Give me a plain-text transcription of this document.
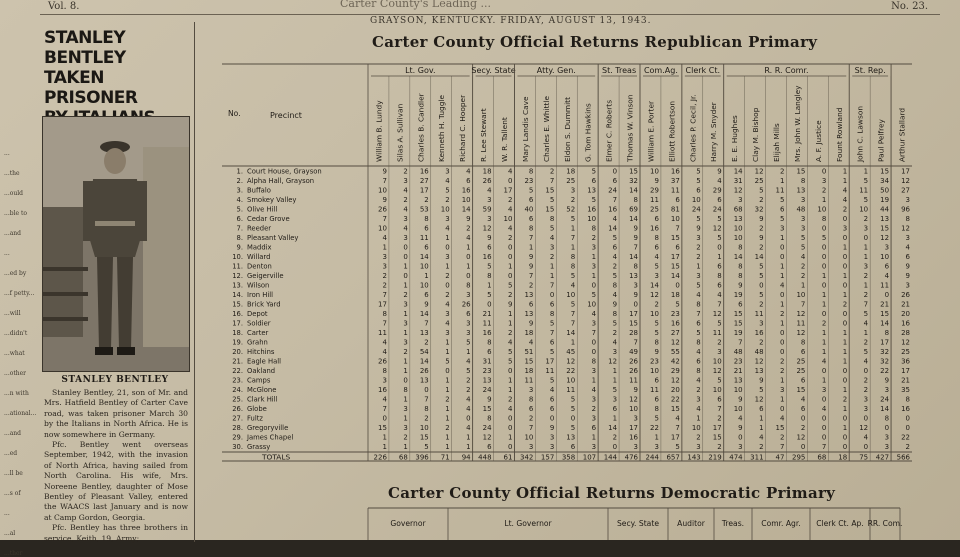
Vol. 8.	Carter County's Leading ...	No. 23.
GRAYSON, KENTUCKY. FRIDAY, AUGUST 13, 1943.
...
...the
...ould
...ble to
...and
...
...ed by
...f petty...
...will
...didn't
...what
...other
...n with
...ational...
...and
...ed
...ll be
...s of
...
...al
...ther
STANLEY BENTLEY
TAKEN PRISONER
STANLEY BENTLEY

Stanley Bentley, 21, son of Mr. and Mrs. Hatfield Bentley of Carter Cave road, was taken prisoner March 30 by the Italians in North Africa. He is now somewhere in Germany.

Pfc. Bentley went overseas September, 1942, with the invasion of North Africa, having sailed from North Carolina. His wife, Mrs. Noreene Bentley, daughter of Mose Bentley of Pleasant Valley, entered the WAACS last January and is now at Camp Gordon, Georgia.

Pfc. Bentley has three brothers in service, Keith, 19, Army;

Carter County Official Returns Republican Primary
Lt. Gov.	Secy. State	Atty. Gen.	St. Treas Com.Ag. Clerk Ct.	R. R. Comr.	St. Rep.
William B. Lundy Silas A. Sullivan Charles B. Candler Kenneth H. Tuggle Richard C. Hooper R. Lee Stewart W. R. Tallent Mary Landis Cave Charles E. Whittle Eldon S. Dummitt G. Tom Hawkins Elmer C. Roberts Thomas W. Vinson William E. Porter Elliott Robertson Charles P. Cecil, Jr. Harry M. Snyder E. E. Hughes Clay M. Bishop Elijah Mills Mrs. John W. Langley A. F. Justice Fount Rowland John C. Lawson Paul Pelfrey Arthur Stallard
No.	Precinct
1. Court House, Grayson	9 2 16 3 4 18 4 8 2 18 5 0 15 10 16 5 9 14 12 2 15 0 1 1 15 17
2. Alpha Hall, Grayson	7 3 27 4 6 26 0 23 7 25 6 6 32 9 37 5 4 31 25 1 8 3 1 5 34 12
3. Buffalo	10 4 17 5 16 4 17 5 15 3 13 24 14 29 11 6 29 12 5 11 13 2 4 11 50 27
4. Smokey Valley	9 2 2 2 10 3 2 6 5 2 5 7 8 11 6 10 6 3 2 5 3 1 4 5 19 3
5. Olive Hill	26 4 53 10 14 59 4 40 15 52 16 16 69 25 81 24 24 68 32 6 48 10 2 10 44 96
6. Cedar Grove	7 3 8 3 9 3 10 6 8 5 10 4 14 6 10 5 5 13 9 5 3 8 0 2 13 8
7. Reeder	10 4 6 4 2 12 4 8 5 1 8 14 9 16 7 9 12 10 2 3 3 0 3 3 15 12
8. Pleasant Valley	4 3 11 1 4 9 2 7 4 7 2 5 9 8 15 3 5 10 9 1 5 5 0 0 12 3
9. Maddix	1 0 6 0 1 6 0 1 3 1 3 6 7 6 6 2 0 8 2 0 5 0 1 1 3 4
10. Willard	3 0 14 3 0 16 0 9 2 8 1 4 14 4 17 2 1 14 14 0 4 0 0 1 10 6
11. Denton	3 1 10 1 1 5 1 9 1 8 3 2 8 5 15 1 6 8 5 1 2 0 0 3 6 9
12. Geigerville	2 0 1 2 0 8 0 7 1 5 1 5 13 3 14 3 8 8 5 1 2 1 1 2 4 9
13. Wilson	2 1 10 0 8 1 5 2 7 4 0 8 3 14 0 5 6 9 0 4 1 0 0 1 11 3
14. Iron Hill	7 2 6 2 3 5 2 13 0 10 5 4 9 12 18 4 4 19 5 0 10 1 1 2 0 26
15. Brick Yard	17 3 9 4 26 0 9 6 6 5 10 9 0 2 5 8 7 6 2 1 7 1 2 7 21 21
16. Depot	8 1 14 3 6 21 1 13 8 7 4 8 17 10 23 7 12 15 11 2 12 0 0 5 15 20
17. Soldier	7 3 7 4 3 11 1 9 5 7 3 5 15 5 16 6 5 15 3 1 11 2 0 4 14 16
18. Carter	11 1 13 3 3 16 2 18 7 14 7 2 28 5 27 5 11 19 16 0 12 1 1 1 8 28
19. Grahn	4 3 2 1 5 8 4 4 6 1 0 4 7 8 12 8 2 7 2 0 8 1 1 2 17 12
20. Hitchins	4 2 54 1 1 6 5 51 5 45 0 3 49 9 55 4 3 48 48 0 6 1 1 5 32 25
21. Eagle Hall	26 1 14 5 4 31 5 15 17 12 8 12 26 23 42 6 10 23 12 2 25 4 1 4 32 36
22. Oakland	8 1 26 0 5 23 0 18 11 22 3 1 26 10 29 8 12 21 13 2 25 0 0 0 22 17
23. Camps	3 0 13 1 2 13 1 11 5 10 1 1 11 6 12 4 5 13 9 1 6 1 0 2 9 21
24. McGlone	16 8 0 1 2 24 1 3 4 11 4 5 9 11 20 2 10 10 5 3 15 3 1 2 3 35
25. Clark Hill	4 1 7 2 4 9 2 8 6 5 3 3 12 6 22 3 6 9 12 1 4 0 2 3 24 8
26. Globe	7 3 8 1 4 15 4 6 6 5 2 6 10 8 15 4 7 10 6 0 6 4 1 3 14 16
27. Fultz	0 1 2 1 0 8 0 2 0 0 3 1 3 5 4 1 2 4 1 4 0 0 0 0 8 0
28. Gregoryville	15 3 10 2 4 24 0 7 9 5 6 14 17 22 7 10 17 9 1 15 2 0 1 12 0 0
29. James Chapel	1 2 15 1 1 12 1 10 3 13 1 2 16 1 17 2 15 0 4 2 12 0 0 4 3 22
30. Grassy	1 1 5 1 1 6 0 3 3 6 3 0 3 3 5 3 2 3 2 7 0 7 0 0 3 2
TOTALS	226 68 396 71 94 448 61 342 157 358 107 144 476 244 657 143 219 474 311 47 295 68 18 75 427 566
Governor	Lt. Governor	Secy. State Auditor Treas. Comr. Agr. Clerk Ct. Ap. RR. Com.
Carter County Official Returns Democratic Primary
